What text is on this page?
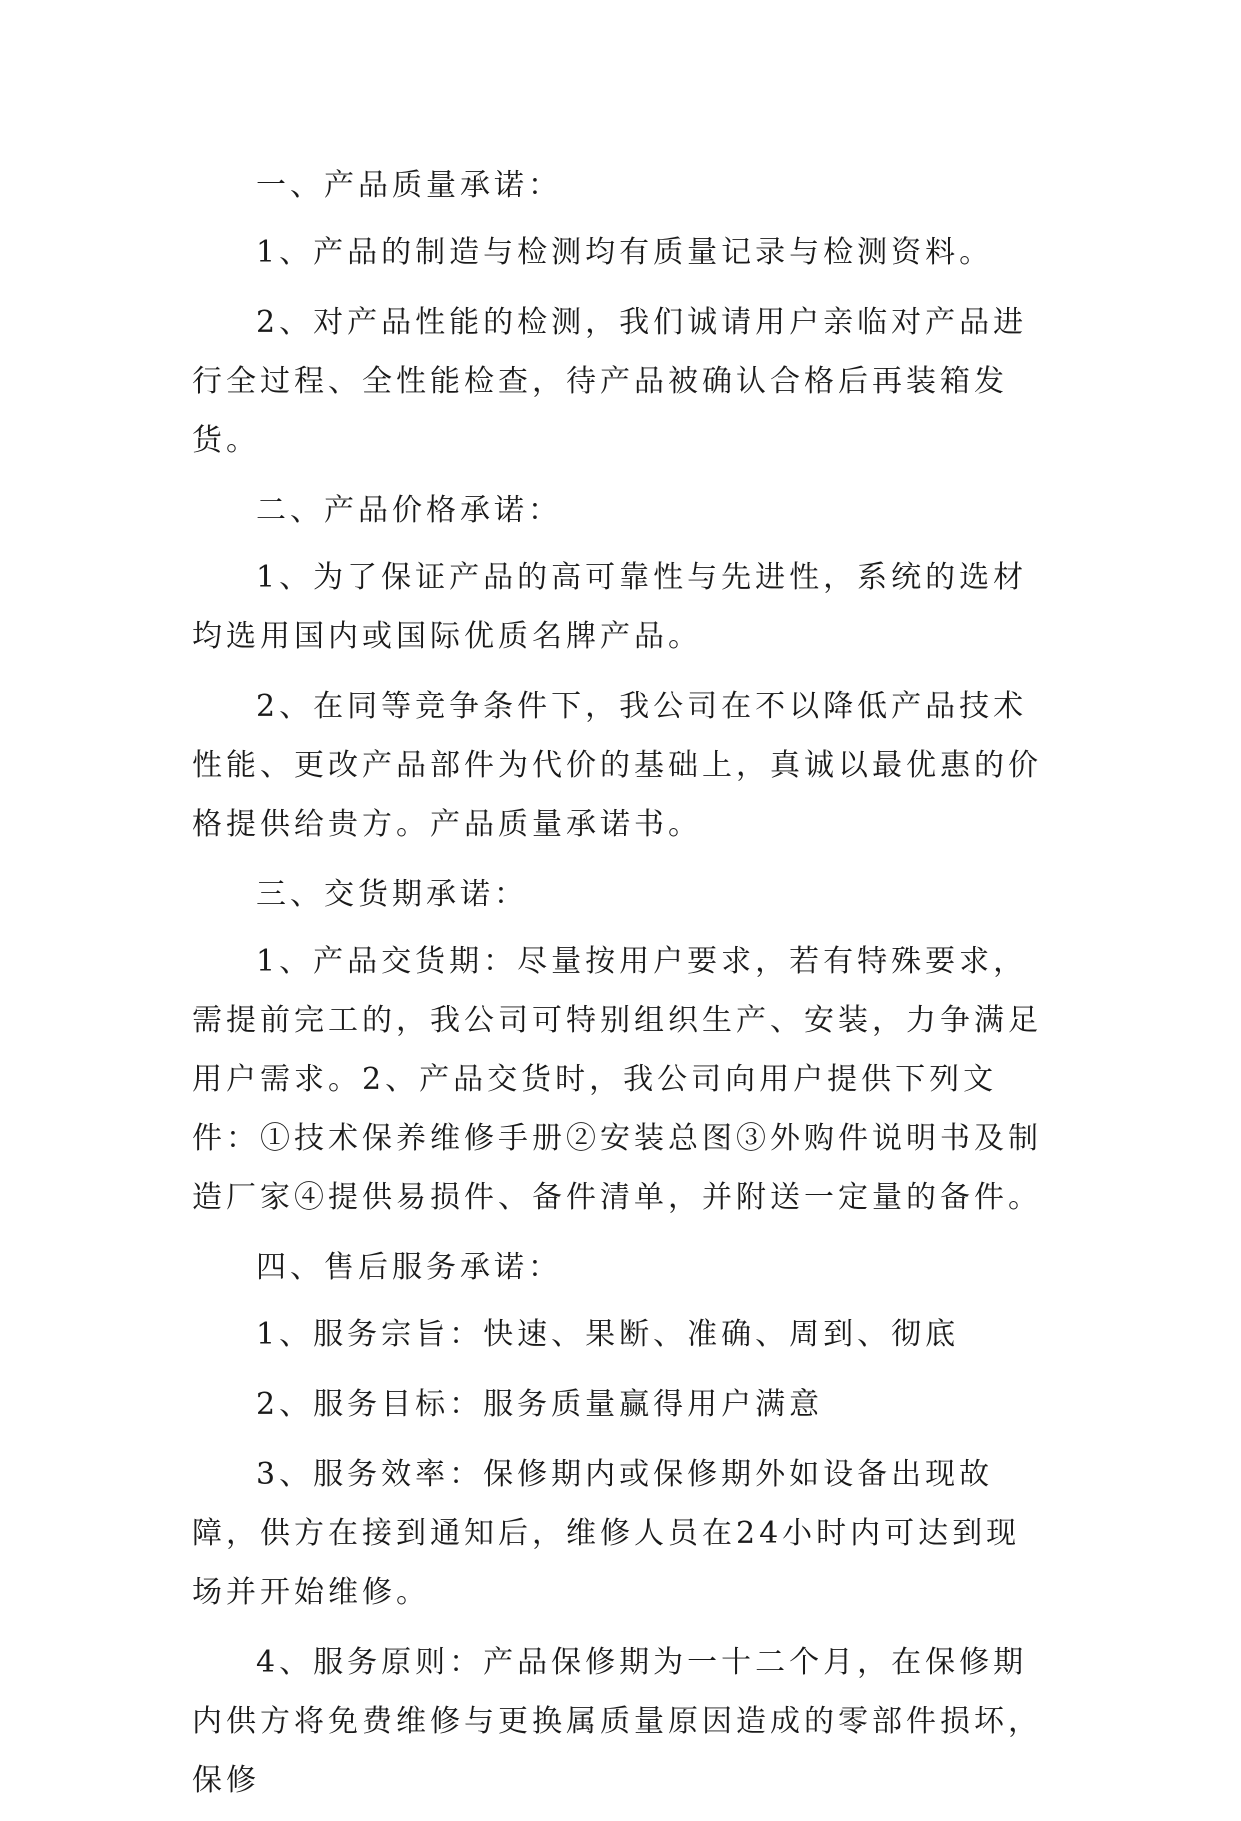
一、产品质量承诺：

1、产品的制造与检测均有质量记录与检测资料。

2、对产品性能的检测，我们诚请用户亲临对产品进行全过程、全性能检查，待产品被确认合格后再装箱发货。

二、产品价格承诺：

1、为了保证产品的高可靠性与先进性，系统的选材均选用国内或国际优质名牌产品。

2、在同等竞争条件下，我公司在不以降低产品技术性能、更改产品部件为代价的基础上，真诚以最优惠的价格提供给贵方。产品质量承诺书。

三、交货期承诺：

1、产品交货期：尽量按用户要求，若有特殊要求，需提前完工的，我公司可特别组织生产、安装，力争满足用户需求。2、产品交货时，我公司向用户提供下列文件：①技术保养维修手册②安装总图③外购件说明书及制造厂家④提供易损件、备件清单，并附送一定量的备件。

四、售后服务承诺：

1、服务宗旨：快速、果断、准确、周到、彻底

2、服务目标：服务质量赢得用户满意

3、服务效率：保修期内或保修期外如设备出现故障，供方在接到通知后，维修人员在24小时内可达到现场并开始维修。

4、服务原则：产品保修期为一十二个月，在保修期内供方将免费维修与更换属质量原因造成的零部件损坏，保修
